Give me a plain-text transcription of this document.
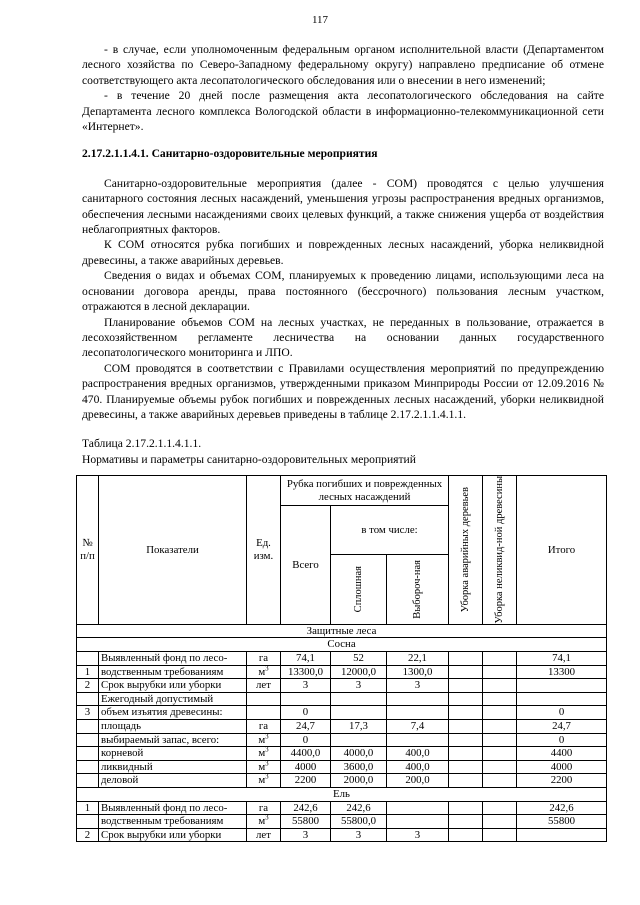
117

- в случае, если уполномоченным федеральным органом исполнительной власти (Департаментом лесного хозяйства по Северо-Западному федеральному округу) направлено предписание об отмене соответствующего акта лесопатологического обследования или о внесении в него изменений;

- в течение 20 дней после размещения акта лесопатологического обследования на сайте Департамента лесного комплекса Вологодской области в информационно-телекоммуникационной сети «Интернет».

2.17.2.1.1.4.1. Санитарно-оздоровительные мероприятия

Санитарно-оздоровительные мероприятия (далее - СОМ) проводятся с целью улучшения санитарного состояния лесных насаждений, уменьшения угрозы распространения вредных организмов, обеспечения лесными насаждениями своих целевых функций, а также снижения ущерба от воздействия неблагоприятных факторов.

К СОМ относятся рубка погибших и поврежденных лесных насаждений, уборка неликвидной древесины, а также аварийных деревьев.

Сведения о видах и объемах СОМ, планируемых к проведению лицами, использующими леса на основании договора аренды, права постоянного (бессрочного) пользования лесным участком, отражаются в лесной декларации.

Планирование объемов СОМ на лесных участках, не переданных в пользование, отражается в лесохозяйственном регламенте лесничества на основании данных государственного лесопатологического мониторинга и ЛПО.

СОМ проводятся в соответствии с Правилами осуществления мероприятий по предупреждению распространения вредных организмов, утвержденными приказом Минприроды России от 12.09.2016 № 470. Планируемые объемы рубок погибших и поврежденных лесных насаждений, уборки неликвидной древесины, а также аварийных деревьев приведены в таблице 2.17.2.1.1.4.1.1.

Таблица 2.17.2.1.1.4.1.1.

Нормативы и параметры санитарно-оздоровительных мероприятий

№ п/п	Показатели	Ед. изм.	Рубка погибших и поврежденных лесных насаждений			Уборка аварийных деревьев	Уборка неликвид-ной древесины	Итого
			Всего	в том числе:				

				Сплошная	Выбороч-ная			

Защитные леса								
Сосна								
	Выявленный фонд по лесо-	га	74,1	52	22,1			74,1
1	водственным требованиям	$м^3$	13300,0	12000,0	1300,0			13300
2	Срок вырубки или уборки	лет	3	3	3			
	Ежегодный допустимый							
3	объем изъятия древесины:		0					0
	площадь	га	24,7	17,3	7,4			24,7
	выбираемый запас, всего:	$м^3$	0					0
	корневой	$м^3$	4400,0	4000,0	400,0			4400
	ликвидный	$м^3$	4000	3600,0	400,0			4000
	деловой	$м^3$	2200	2000,0	200,0			2200
Ель								
1	Выявленный фонд по лесо-	га	242,6	242,6				242,6
	водственным требованиям	$м^3$	55800	55800,0				55800
2	Срок вырубки или уборки	лет	3	3	3			
